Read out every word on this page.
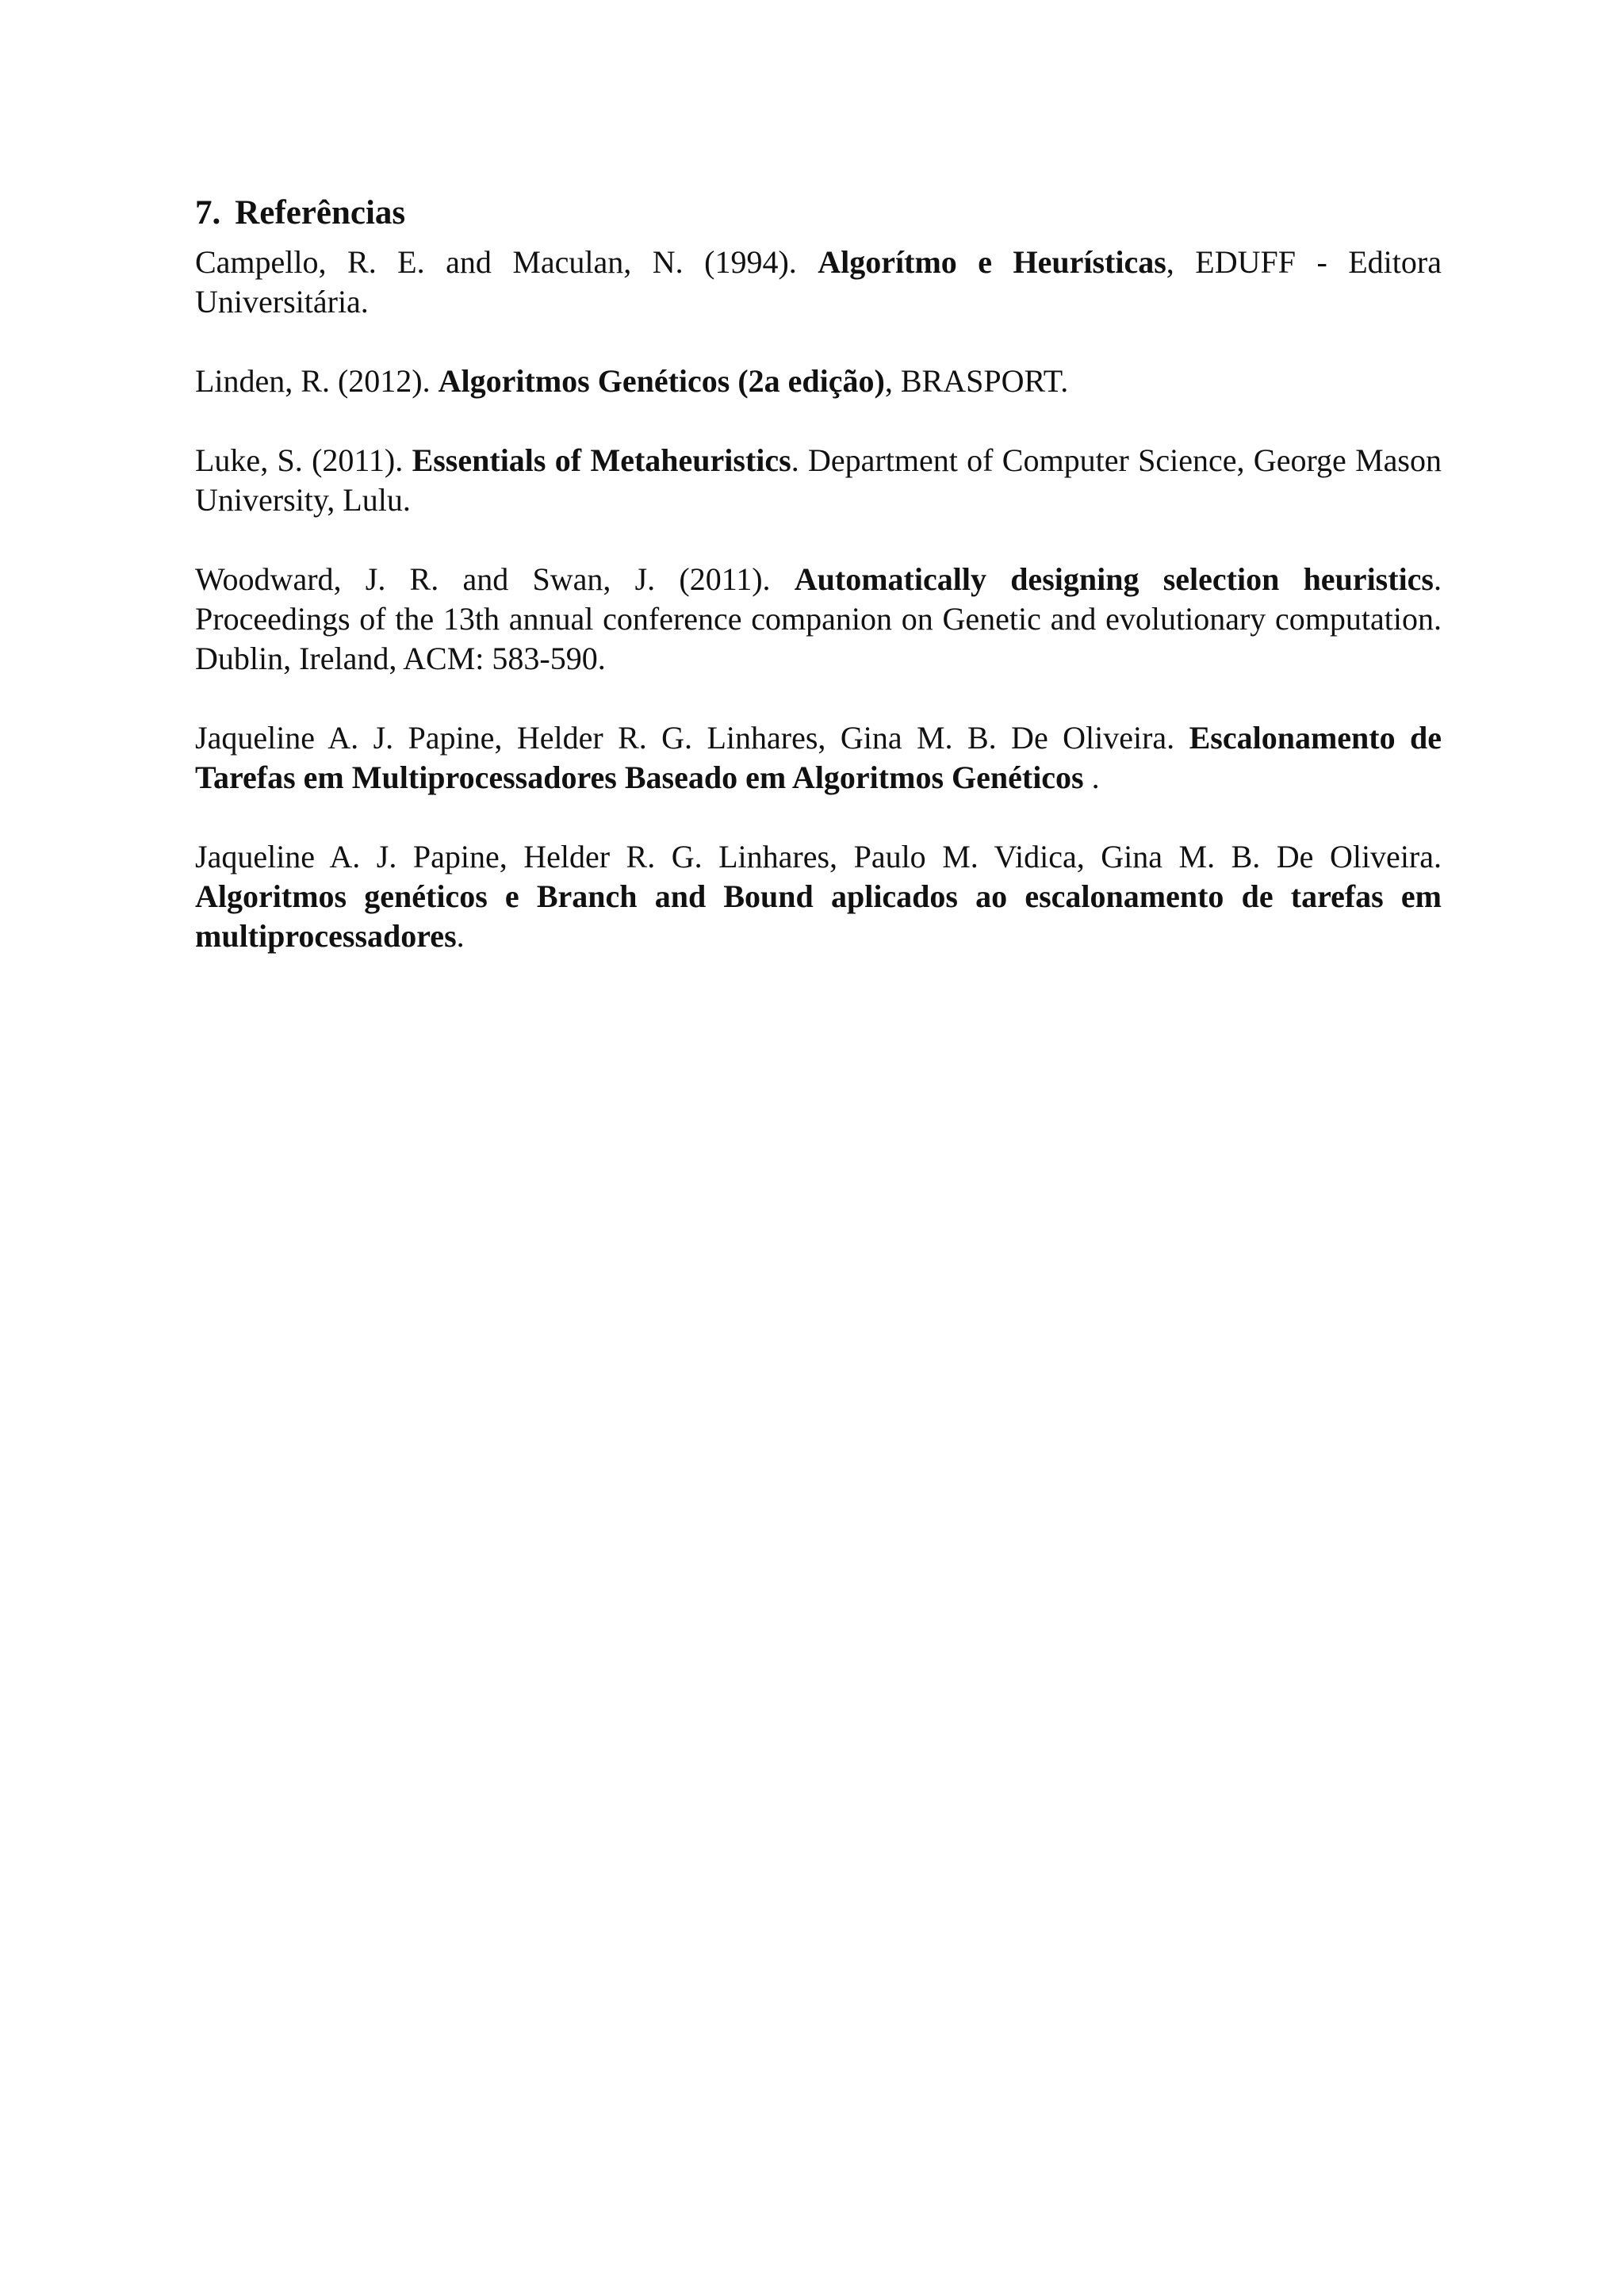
7. Referências

Campello, R. E. and Maculan, N. (1994). Algorítmo e Heurísticas, EDUFF - Editora Universitária.

Linden, R. (2012). Algoritmos Genéticos (2a edição), BRASPORT.

Luke, S. (2011). Essentials of Metaheuristics. Department of Computer Science, George Mason University, Lulu.

Woodward, J. R. and Swan, J. (2011). Automatically designing selection heuristics. Proceedings of the 13th annual conference companion on Genetic and evolutionary computation. Dublin, Ireland, ACM: 583-590.

Jaqueline A. J. Papine, Helder R. G. Linhares, Gina M. B. De Oliveira. Escalonamento de Tarefas em Multiprocessadores Baseado em Algoritmos Genéticos .

Jaqueline A. J. Papine, Helder R. G. Linhares, Paulo M. Vidica, Gina M. B. De Oliveira. Algoritmos genéticos e Branch and Bound aplicados ao escalonamento de tarefas em multiprocessadores.
